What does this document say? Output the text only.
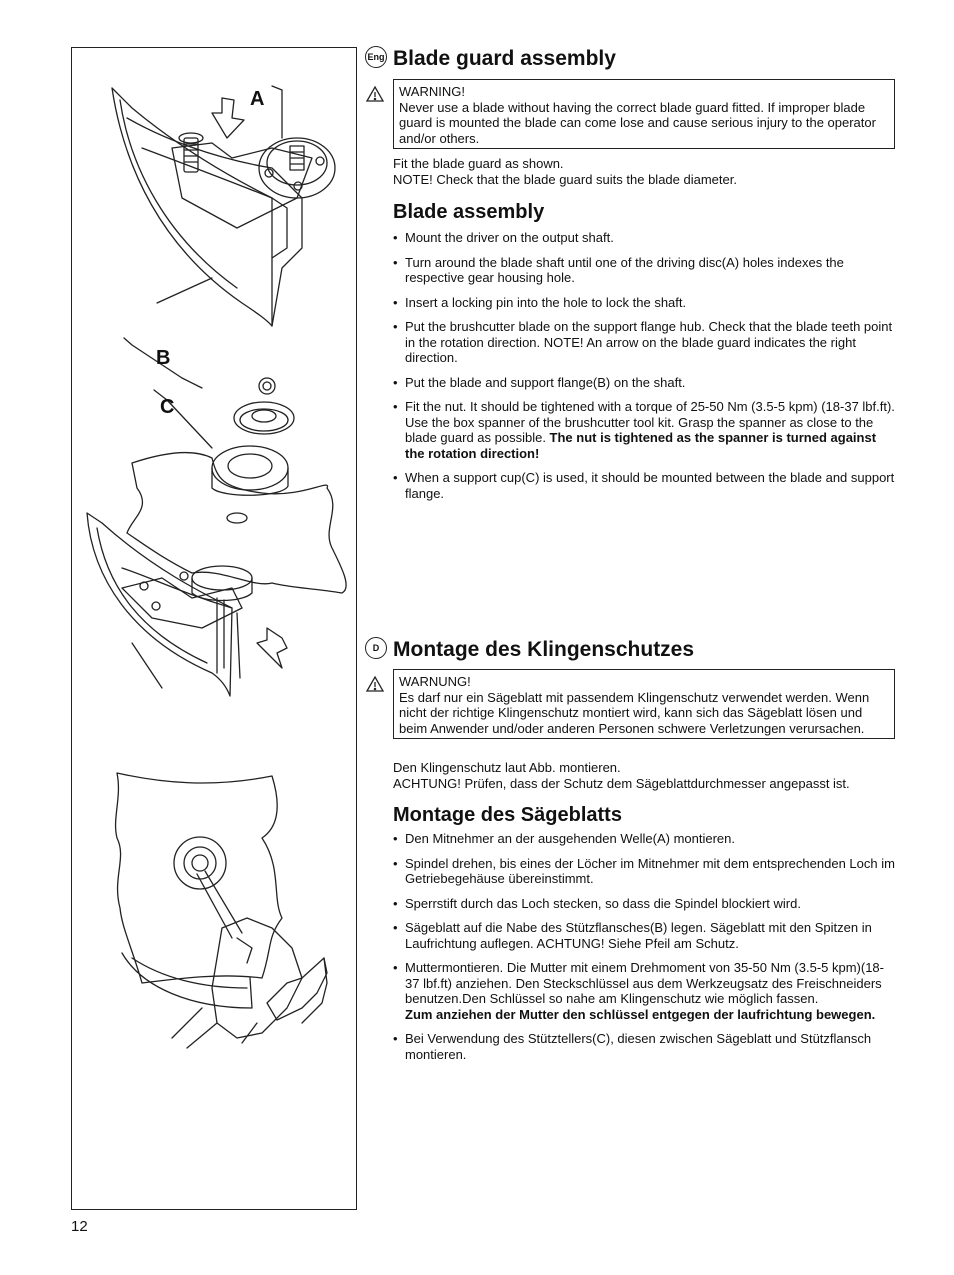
A
B
C
Eng Blade guard assembly
WARNING!
Never use a blade without having the correct blade guard fitted. If improper blade guard is mounted the blade can come lose and cause serious injury to the operator and/or others.

Fit the blade guard as shown.

NOTE! Check that the blade guard suits the blade diameter.

Blade assembly
• Mount the driver on the output shaft.
• Turn around the blade shaft until one of the driving disc(A) holes indexes the respective gear housing hole.
• Insert a locking pin into the hole to lock the shaft.
• Put the brushcutter blade on the support flange hub. Check that the blade teeth point in the rotation direction. NOTE! An arrow on the blade guard indicates the right direction.
• Put the blade and support flange(B) on the shaft.
• Fit the nut. It should be tightened with a torque of 25-50 Nm (3.5-5 kpm) (18-37 lbf.ft). Use the box spanner of the brushcutter tool kit. Grasp the spanner as close to the blade guard as possible. The nut is tightened as the spanner is turned against the rotation direction!
• When a support cup(C) is used, it should be mounted between the blade and support flange.
D Montage des Klingenschutzes
WARNUNG!
Es darf nur ein Sägeblatt mit passendem Klingenschutz verwendet werden. Wenn nicht der richtige Klingenschutz montiert wird, kann sich das Sägeblatt lösen und beim Anwender und/oder anderen Personen schwere Verletzungen verursachen.

Den Klingenschutz laut Abb. montieren.

ACHTUNG! Prüfen, dass der Schutz dem Sägeblattdurchmesser angepasst ist.

Montage des Sägeblatts
• Den Mitnehmer an der ausgehenden Welle(A) montieren.
• Spindel drehen, bis eines der Löcher im Mitnehmer mit dem entsprechenden Loch im Getriebegehäuse übereinstimmt.
• Sperrstift durch das Loch stecken, so dass die Spindel blockiert wird.
• Sägeblatt auf die Nabe des Stützflansches(B) legen. Sägeblatt mit den Spitzen in Laufrichtung auflegen. ACHTUNG! Siehe Pfeil am Schutz.
• Muttermontieren. Die Mutter mit einem Drehmoment von 35-50 Nm (3.5-5 kpm)(18-37 lbf.ft) anziehen. Den Steckschlüssel aus dem Werkzeugsatz des Freischneiders benutzen.Den Schlüssel so nahe am Klingenschutz wie möglich fassen.
Zum anziehen der Mutter den schlüssel entgegen der laufrichtung bewegen.
• Bei Verwendung des Stütztellers(C), diesen zwischen Sägeblatt und Stützflansch montieren.
12
